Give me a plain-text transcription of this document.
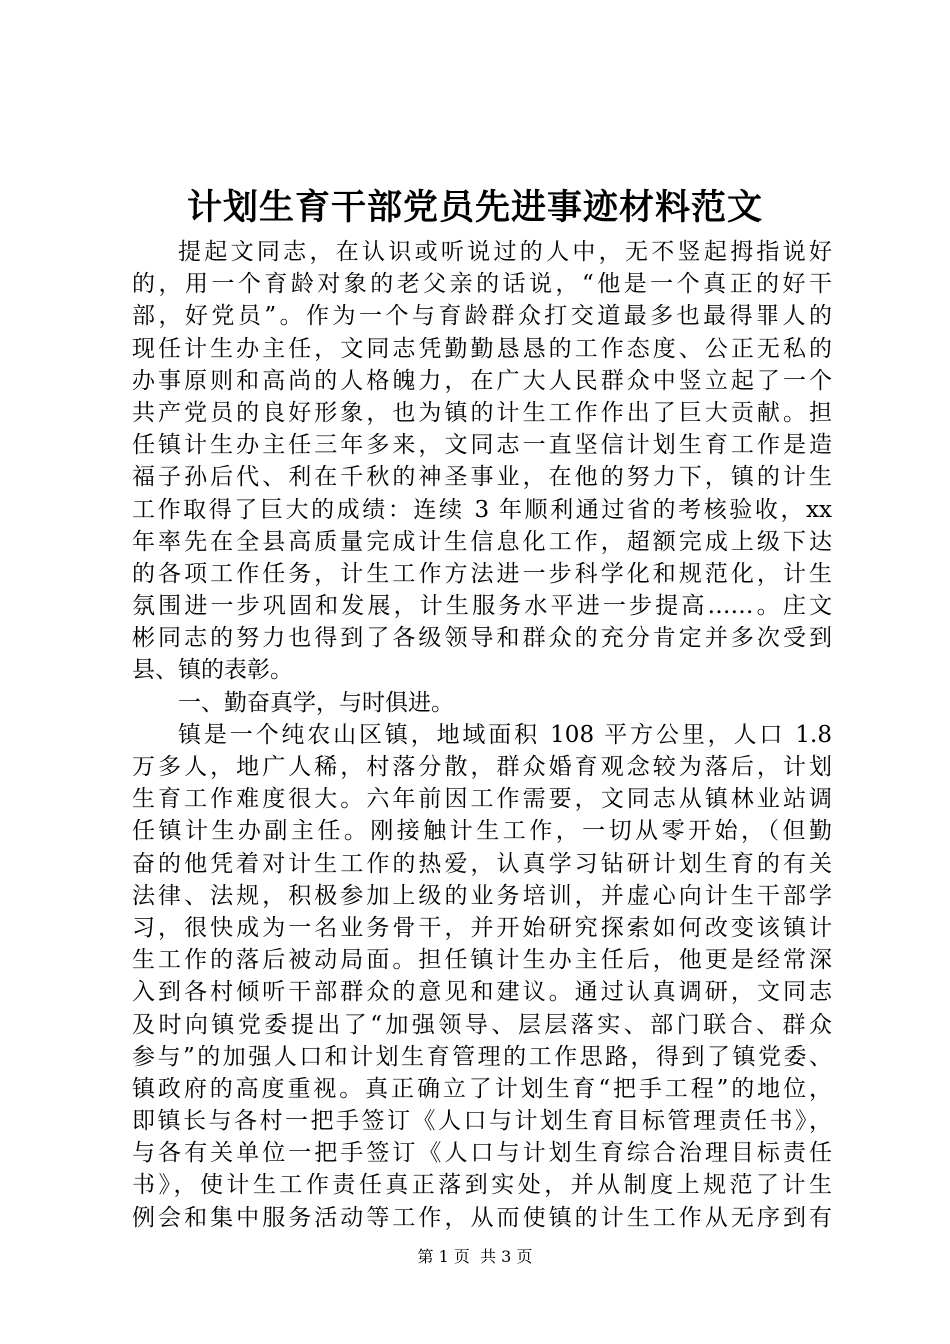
计划生育干部党员先进事迹材料范文
提起文同志，在认识或听说过的人中，无不竖起拇指说好
的，用一个育龄对象的老父亲的话说，“他是一个真正的好干
部，好党员”。作为一个与育龄群众打交道最多也最得罪人的
现任计生办主任，文同志凭勤勤恳恳的工作态度、公正无私的
办事原则和高尚的人格魄力，在广大人民群众中竖立起了一个
共产党员的良好形象，也为镇的计生工作作出了巨大贡献。担
任镇计生办主任三年多来，文同志一直坚信计划生育工作是造
福子孙后代、利在千秋的神圣事业，在他的努力下，镇的计生
工作取得了巨大的成绩：连续 3 年顺利通过省的考核验收，xx
年率先在全县高质量完成计生信息化工作，超额完成上级下达
的各项工作任务，计生工作方法进一步科学化和规范化，计生
氛围进一步巩固和发展，计生服务水平进一步提高……。庄文
彬同志的努力也得到了各级领导和群众的充分肯定并多次受到
县、镇的表彰。
一、勤奋真学，与时俱进。
镇是一个纯农山区镇，地域面积 108 平方公里，人口 1.8
万多人，地广人稀，村落分散，群众婚育观念较为落后，计划
生育工作难度很大。六年前因工作需要，文同志从镇林业站调
任镇计生办副主任。刚接触计生工作，一切从零开始，（但勤
奋的他凭着对计生工作的热爱，认真学习钻研计划生育的有关
法律、法规，积极参加上级的业务培训，并虚心向计生干部学
习，很快成为一名业务骨干，并开始研究探索如何改变该镇计
生工作的落后被动局面。担任镇计生办主任后，他更是经常深
入到各村倾听干部群众的意见和建议。通过认真调研，文同志
及时向镇党委提出了“加强领导、层层落实、部门联合、群众
参与”的加强人口和计划生育管理的工作思路，得到了镇党委、
镇政府的高度重视。真正确立了计划生育“把手工程”的地位，
即镇长与各村一把手签订《人口与计划生育目标管理责任书》，
与各有关单位一把手签订《人口与计划生育综合治理目标责任
书》，使计生工作责任真正落到实处，并从制度上规范了计生
例会和集中服务活动等工作，从而使镇的计生工作从无序到有
第 1 页  共 3 页
